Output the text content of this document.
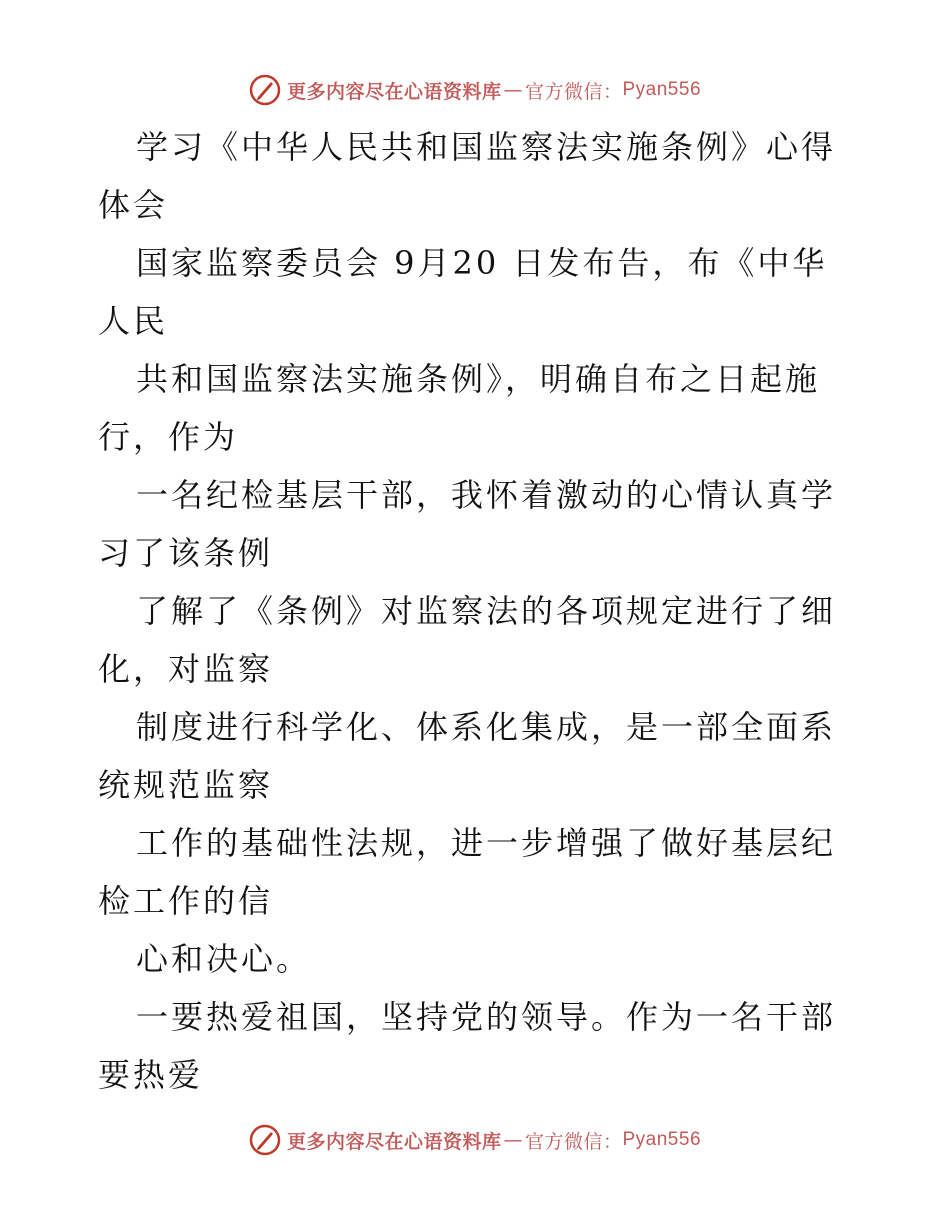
更多内容尽在心语资料库 — 官方微信： Pyan556

学习《中华人民共和国监察法实施条例》心得体会

国家监察委员会 9月20 日发布告，布《中华人民

共和国监察法实施条例》，明确自布之日起施行，作为

一名纪检基层干部，我怀着激动的心情认真学习了该条例

了解了《条例》对监察法的各项规定进行了细化，对监察

制度进行科学化、体系化集成，是一部全面系统规范监察

工作的基础性法规，进一步增强了做好基层纪检工作的信

心和决心。

一要热爱祖国，坚持党的领导。作为一名干部要热爱

更多内容尽在心语资料库 — 官方微信： Pyan556
